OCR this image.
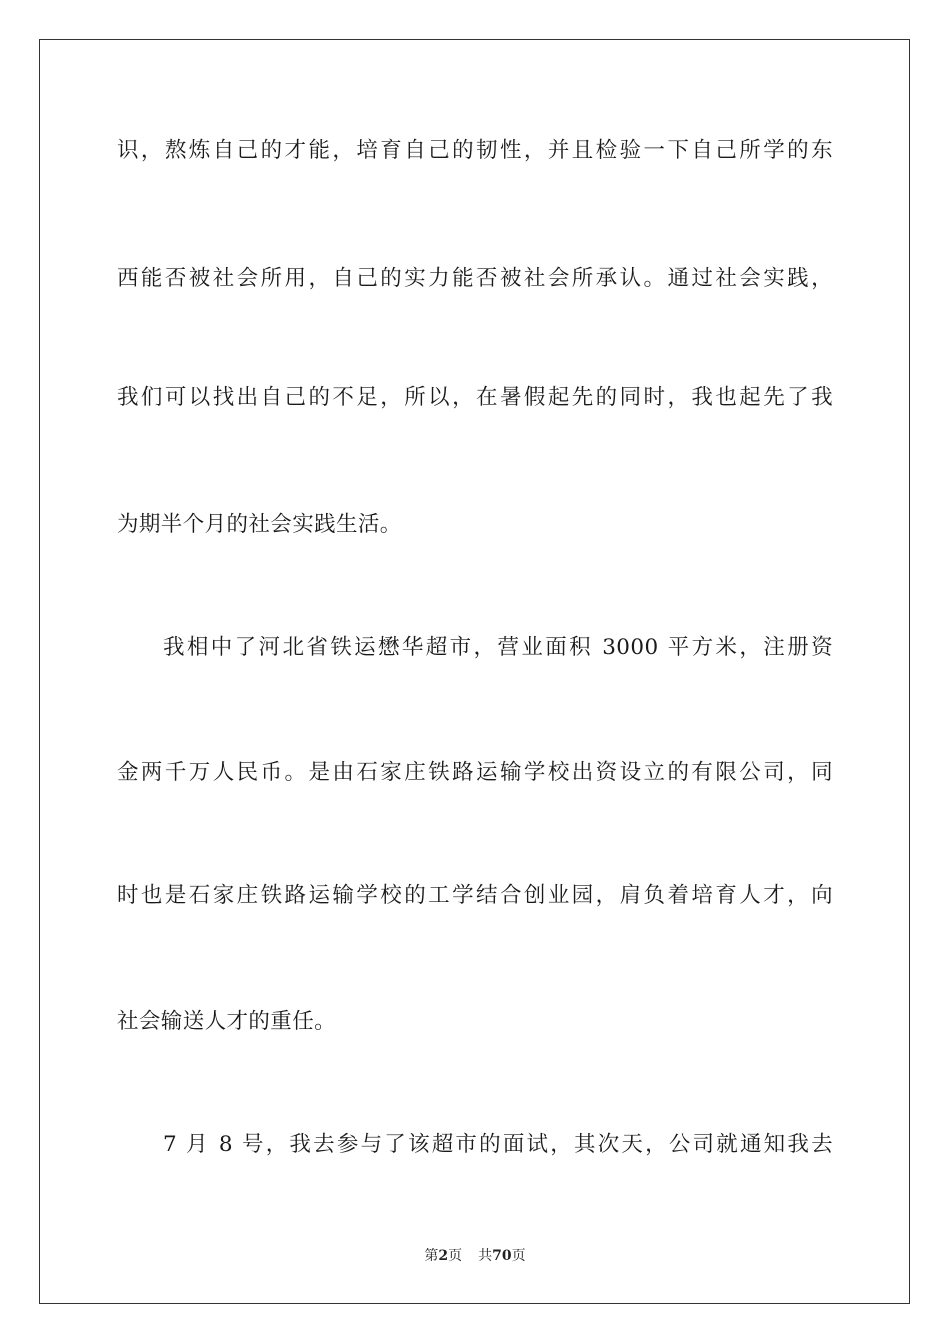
识，熬炼自己的才能，培育自己的韧性，并且检验一下自己所学的东
西能否被社会所用，自己的实力能否被社会所承认。通过社会实践，
我们可以找出自己的不足，所以，在暑假起先的同时，我也起先了我
为期半个月的社会实践生活。
我相中了河北省铁运懋华超市，营业面积 3000 平方米，注册资
金两千万人民币。是由石家庄铁路运输学校出资设立的有限公司，同
时也是石家庄铁路运输学校的工学结合创业园，肩负着培育人才，向
社会输送人才的重任。
7 月 8 号，我去参与了该超市的面试，其次天，公司就通知我去
第2页 共70页
